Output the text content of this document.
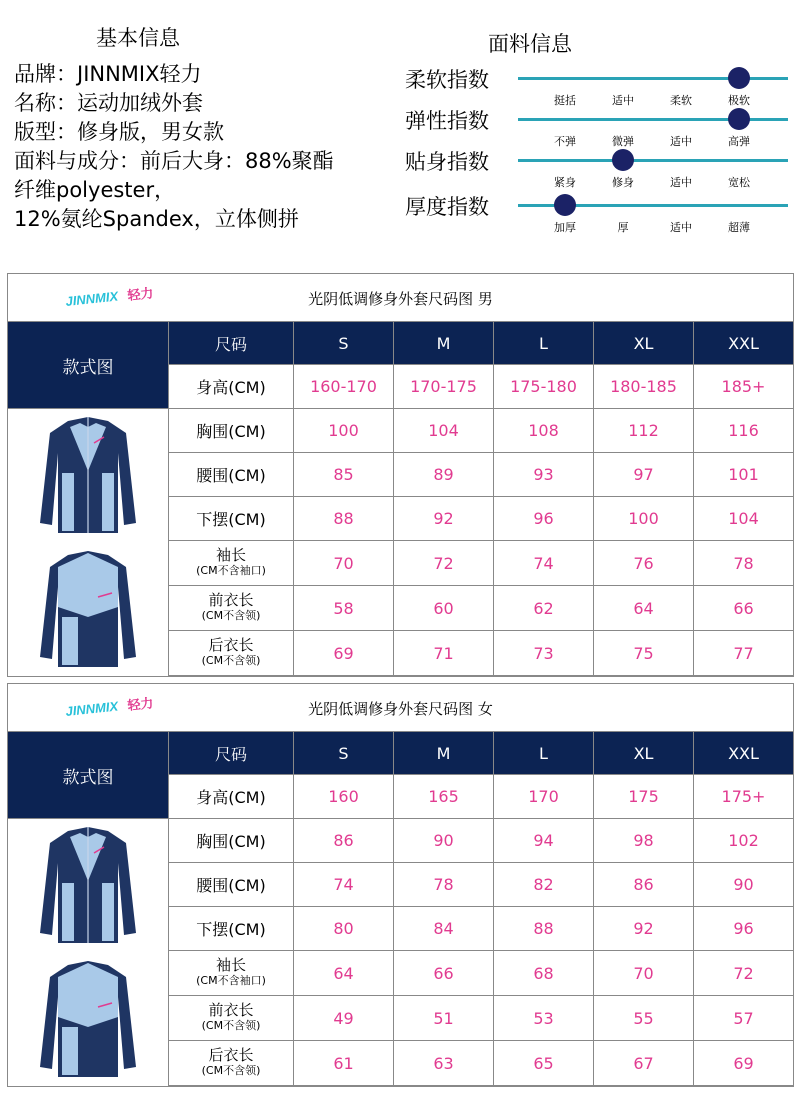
基本信息
品牌：JINNMIX轻力
名称：运动加绒外套
版型：修身版，男女款
面料与成分：前后大身：88%聚酯
纤维polyester，
12%氨纶Spandex，立体侧拼
面料信息
柔软指数
挺括	适中	柔软	极软
弹性指数
不弹	微弹	适中	高弹
贴身指数
紧身	修身	适中	宽松
厚度指数
加厚	厚	适中	超薄
JINNMIX 轻力	光阴低调修身外套尺码图 男
款式图
尺码	S	M	L	XL	XXL
身高(CM)	160-170	170-175	175-180	180-185	185+
胸围(CM)	100	104	108	112	116
腰围(CM)	85	89	93	97	101
下摆(CM)	88	92	96	100	104
袖长
(CM不含袖口)	70	72	74	76	78
前衣长
(CM不含领)	58	60	62	64	66
后衣长
(CM不含领)	69	71	73	75	77
JINNMIX 轻力	光阴低调修身外套尺码图 女
款式图
尺码	S	M	L	XL	XXL
身高(CM)	160	165	170	175	175+
胸围(CM)	86	90	94	98	102
腰围(CM)	74	78	82	86	90
下摆(CM)	80	84	88	92	96
袖长
(CM不含袖口)	64	66	68	70	72
前衣长
(CM不含领)	49	51	53	55	57
后衣长
(CM不含领)	61	63	65	67	69
